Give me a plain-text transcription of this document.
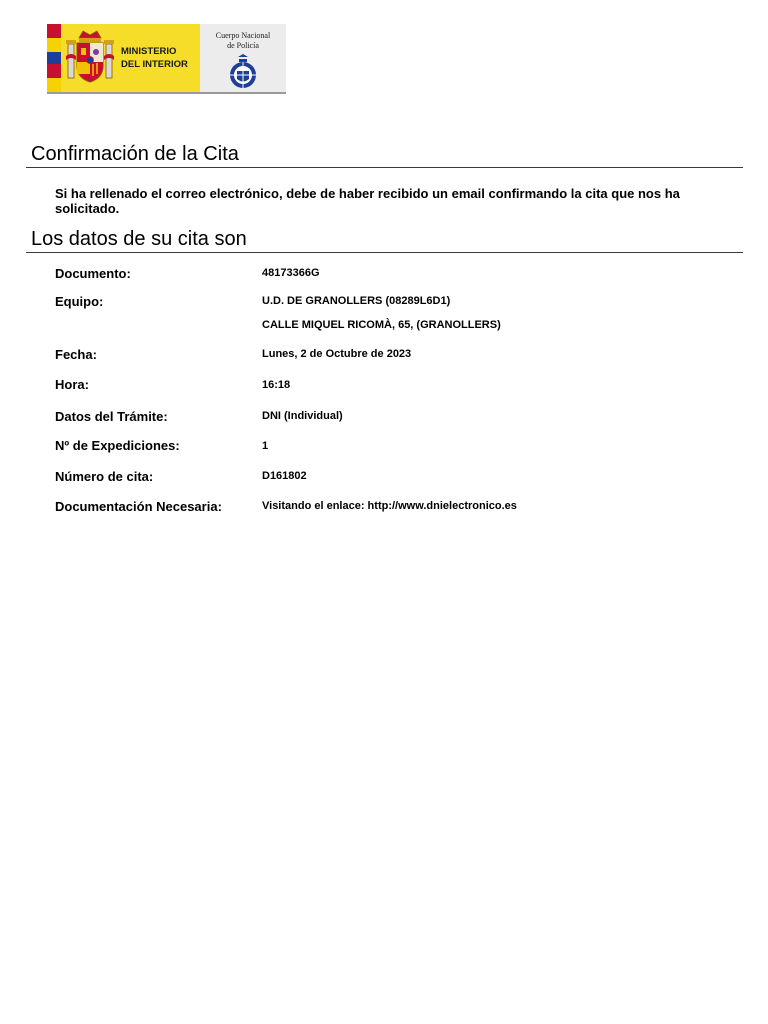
MINISTERIO
DEL INTERIOR
Cuerpo Nacional
de Policía
Confirmación de la Cita

Si ha rellenado el correo electrónico, debe de haber recibido un email confirmando la cita que nos ha solicitado.

Los datos de su cita son
Documento:	48173366G
Equipo:	U.D. DE GRANOLLERS (08289L6D1)
CALLE MIQUEL RICOMÀ, 65, (GRANOLLERS)
Fecha:	Lunes, 2 de Octubre de 2023
Hora:	16:18
Datos del Trámite:	DNI (Individual)
Nº de Expediciones:	1
Número de cita:	D161802
Documentación Necesaria:	Visitando el enlace: http://www.dnielectronico.es
